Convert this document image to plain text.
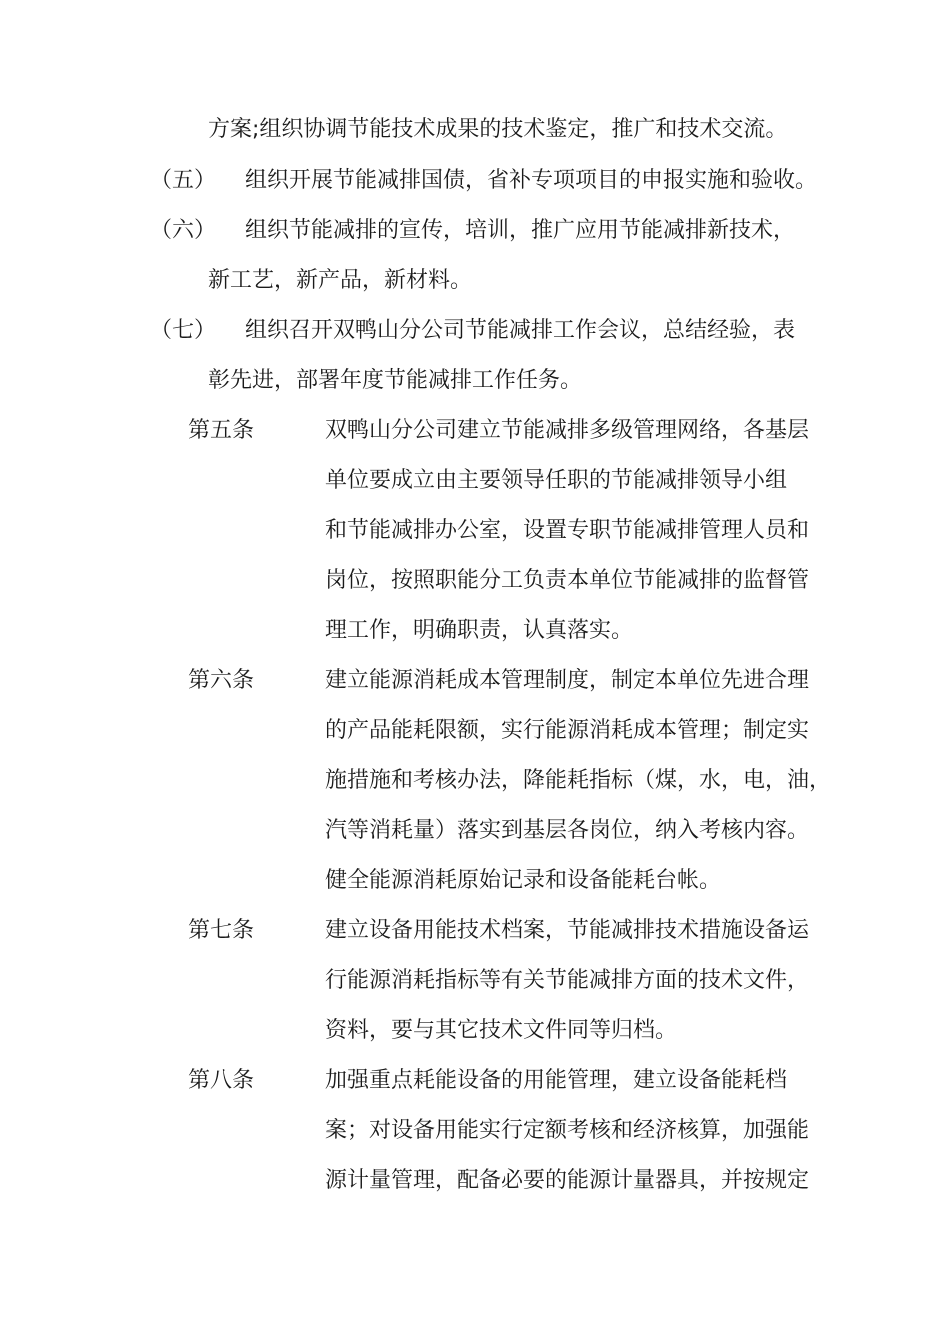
方案;组织协调节能技术成果的技术鉴定，推广和技术交流。
（五） 组织开展节能减排国债，省补专项项目的申报实施和验收。
（六） 组织节能减排的宣传，培训，推广应用节能减排新技术，
新工艺，新产品，新材料。
（七） 组织召开双鸭山分公司节能减排工作会议，总结经验，表
彰先进，部署年度节能减排工作任务。
第五条	双鸭山分公司建立节能减排多级管理网络，各基层
单位要成立由主要领导任职的节能减排领导小组
和节能减排办公室，设置专职节能减排管理人员和
岗位，按照职能分工负责本单位节能减排的监督管
理工作，明确职责，认真落实。
第六条	建立能源消耗成本管理制度，制定本单位先进合理
的产品能耗限额，实行能源消耗成本管理；制定实
施措施和考核办法，降能耗指标（煤，水，电，油，
汽等消耗量）落实到基层各岗位，纳入考核内容。
健全能源消耗原始记录和设备能耗台帐。
第七条	建立设备用能技术档案，节能减排技术措施设备运
行能源消耗指标等有关节能减排方面的技术文件，
资料，要与其它技术文件同等归档。
第八条	加强重点耗能设备的用能管理，建立设备能耗档
案；对设备用能实行定额考核和经济核算，加强能
源计量管理，配备必要的能源计量器具，并按规定
